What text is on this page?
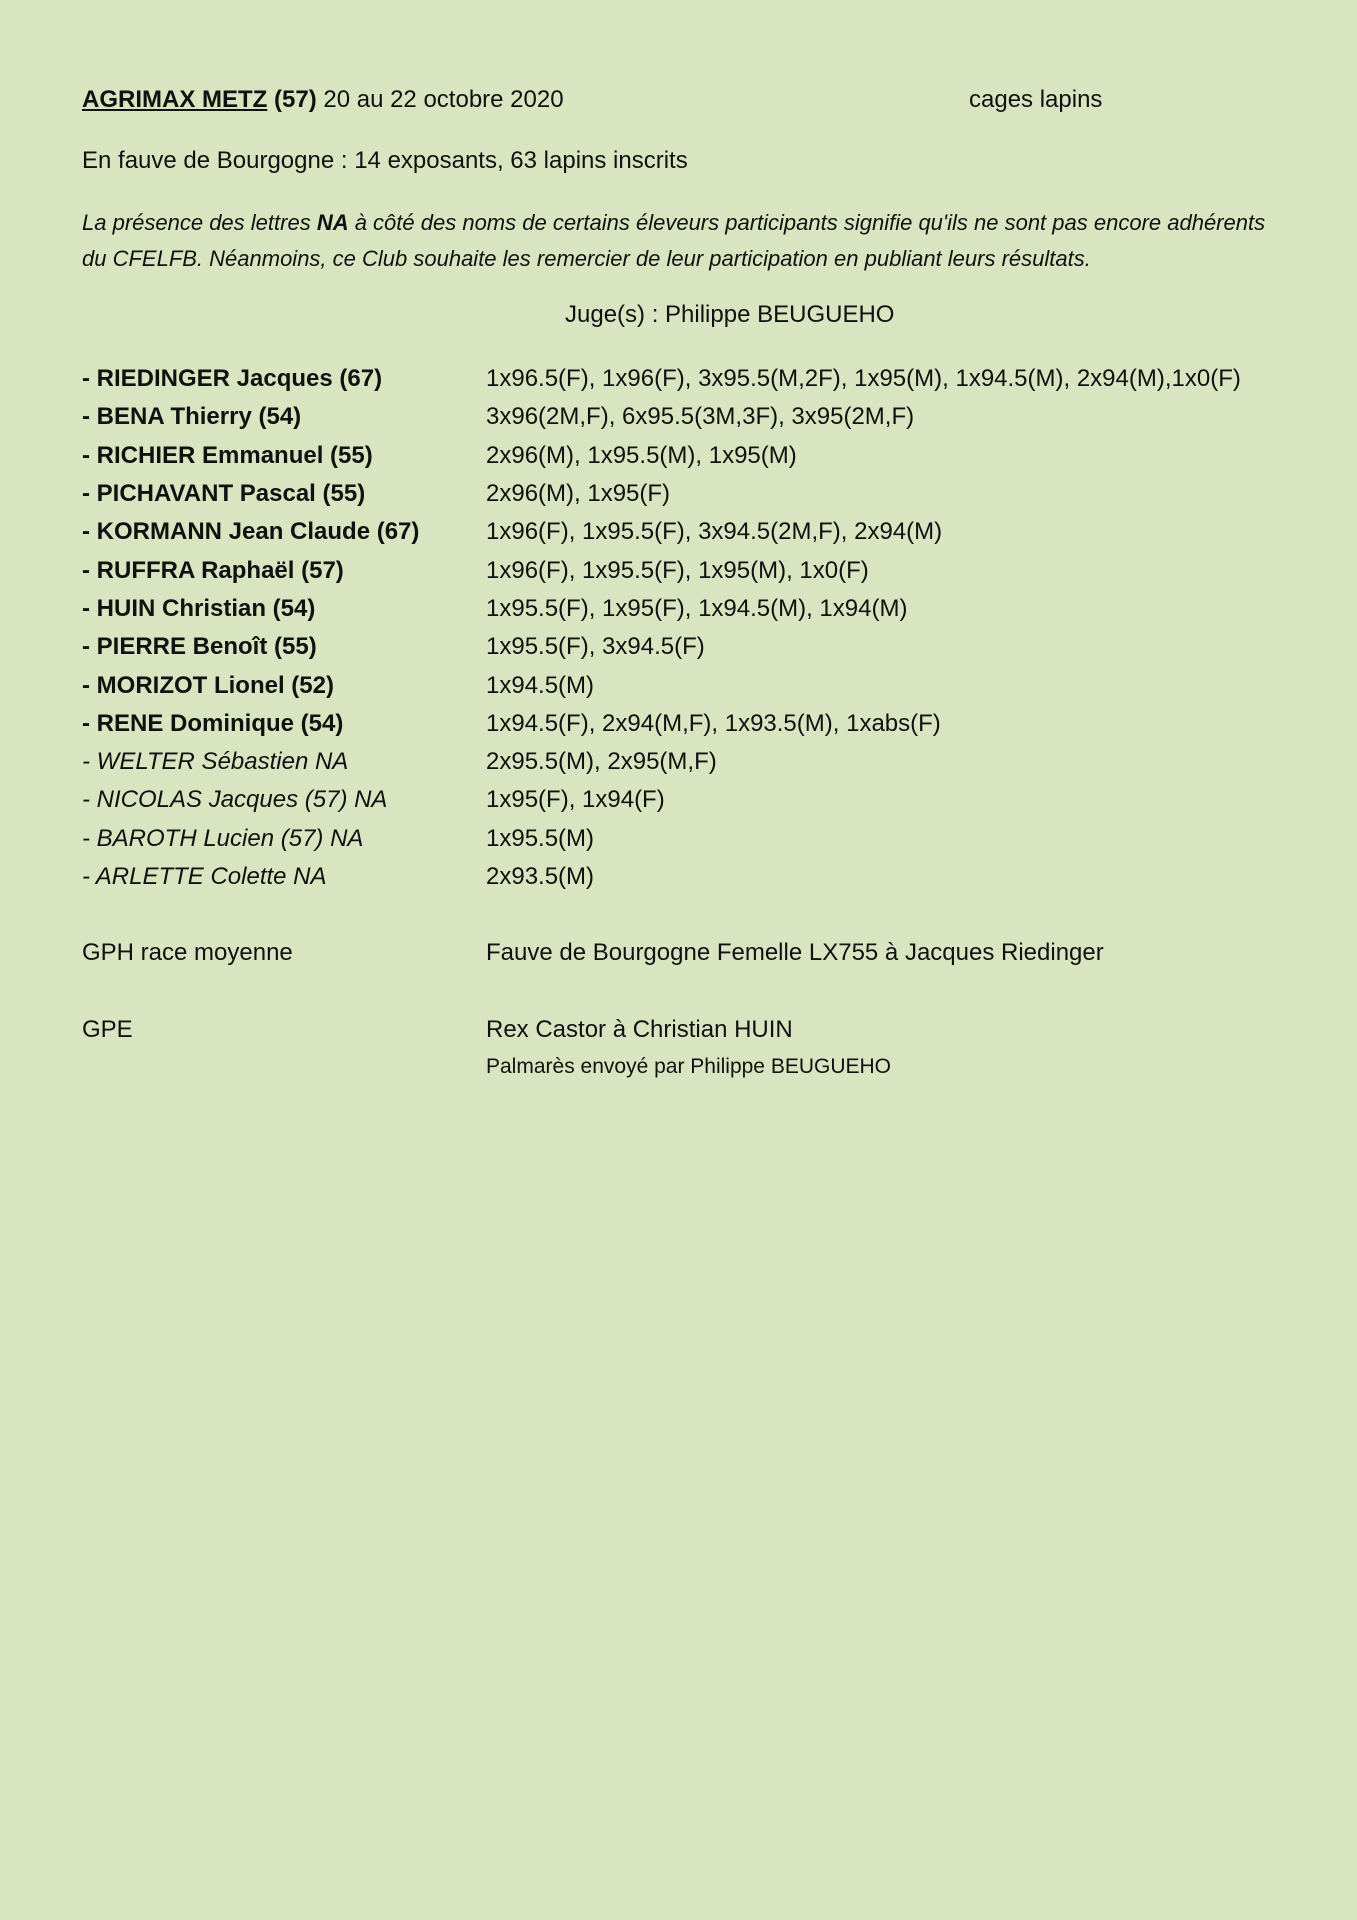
AGRIMAX METZ (57) 20 au 22 octobre 2020	cages lapins
En fauve de Bourgogne : 14 exposants, 63 lapins inscrits
La présence des lettres NA à côté des noms de certains éleveurs participants signifie qu'ils ne sont pas encore adhérents du CFELFB. Néanmoins, ce Club souhaite les remercier de leur participation en publiant leurs résultats.
Juge(s) : Philippe BEUGUEHO
- RIEDINGER Jacques (67)	1x96.5(F), 1x96(F), 3x95.5(M,2F), 1x95(M), 1x94.5(M), 2x94(M),1x0(F)
- BENA Thierry (54)	3x96(2M,F), 6x95.5(3M,3F), 3x95(2M,F)
- RICHIER Emmanuel (55)	2x96(M), 1x95.5(M), 1x95(M)
- PICHAVANT Pascal (55)	2x96(M), 1x95(F)
- KORMANN Jean Claude (67)	1x96(F), 1x95.5(F), 3x94.5(2M,F), 2x94(M)
- RUFFRA Raphaël (57)	1x96(F), 1x95.5(F), 1x95(M), 1x0(F)
- HUIN Christian (54)	1x95.5(F), 1x95(F), 1x94.5(M), 1x94(M)
- PIERRE Benoît (55)	1x95.5(F), 3x94.5(F)
- MORIZOT Lionel (52)	1x94.5(M)
- RENE Dominique (54)	1x94.5(F), 2x94(M,F), 1x93.5(M), 1xabs(F)
- WELTER Sébastien NA	2x95.5(M), 2x95(M,F)
- NICOLAS Jacques (57) NA	1x95(F), 1x94(F)
- BAROTH Lucien (57) NA	1x95.5(M)
- ARLETTE Colette NA	2x93.5(M)
GPH race moyenne	Fauve de Bourgogne Femelle LX755 à Jacques Riedinger
GPE	Rex Castor à Christian HUIN
Palmarès envoyé par Philippe BEUGUEHO
